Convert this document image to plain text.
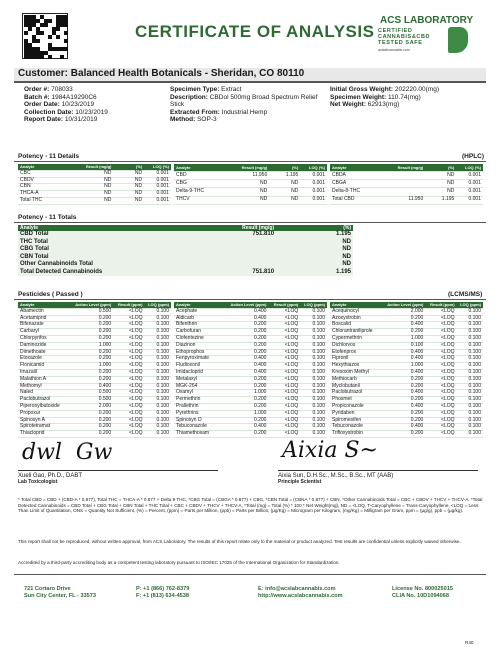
CERTIFICATE OF ANALYSIS
ACS LABORATORY
CERTIFIED
CANNABIS&CBD
TESTED SAFE
acslabcannabis.com
Customer: Balanced Health Botanicals - Sheridan, CO 80110
Order #: 708033
Batch #: 1984A19290C6
Order Date: 10/23/2019
Collection Date: 10/23/2019
Report Date: 10/31/2019
Specimen Type: Extract
Description: CBDol 500mg Broad Spectrum Relief Stick
Extracted From: Industrial Hemp
Method: SOP-3
Initial Gross Weight: 202220.00(mg)
Specimen Weight: 110.74(mg)
Net Weight: 62913(mg)
Potency - 11 Details	(HPLC)
Analyte	Result (mg/g)	(%)	LOQ (%)
CBC	ND	ND	0.001
CBDV	ND	ND	0.001
CBN	ND	ND	0.001
THCA-A	ND	ND	0.001
Total THC	ND	ND	0.001
Analyte	Result (mg/g)	(%)	LOQ (%)
CBD	11.950	1.195	0.001
CBG	ND	ND	0.001
Delta-9-THC	ND	ND	0.001
THCV	ND	ND	0.001
Analyte	Result (mg/g)	(%)	LOQ (%)
CBDA		ND	0.001
CBGA		ND	0.001
Delta-8-THC		ND	0.001
Total CBD	11.950	1.195	0.001
Potency - 11 Totals
Analyte	Result (mg/g)	(%)
CBD Total	751.810	1.195
THC Total		ND
CBG Total		ND
CBN Total		ND
Other Cannabinoids Total		ND
Total Detected Cannabinoids	751.810	1.195
Pesticides ( Passed )	(LCMS/MS)
Analyte	Action Level (ppm)	Result (ppm)	LOQ (ppm)
Abamectin	0.500	<LOQ	0.100
Acetamiprid	0.200	<LOQ	0.100
Bifenazate	0.200	<LOQ	0.100
Carbaryl	0.200	<LOQ	0.100
Chlorpyrifos	0.200	<LOQ	0.100
Daminozide	1.000	<LOQ	0.100
Dimethoate	0.200	<LOQ	0.100
Etoxazole	0.200	<LOQ	0.100
Flonicamid	1.000	<LOQ	0.100
Imazalil	0.200	<LOQ	0.100
Malathion A	0.200	<LOQ	0.100
Methomyl	0.400	<LOQ	0.100
Naled	0.500	<LOQ	0.100
Paclobutrazol	0.500	<LOQ	0.100
Piperonylbutoxide	2.000	<LOQ	0.100
Propoxur	0.200	<LOQ	0.100
Spinosyn A	0.200	<LOQ	0.100
Spirotetramat	0.200	<LOQ	0.100
Thiacloprid	0.200	<LOQ	0.100
Analyte	Action Level (ppm)	Result (ppm)	LOQ (ppm)
Acephate	0.400	<LOQ	0.100
Aldicarb	0.400	<LOQ	0.100
Bifenthrin	0.200	<LOQ	0.100
Carbofuran	0.200	<LOQ	0.100
Clofentezine	0.200	<LOQ	0.100
Diazinon	0.200	<LOQ	0.100
Ethoprophos	0.200	<LOQ	0.100
Fenpyroximate	0.400	<LOQ	0.100
Fludioxonil	0.400	<LOQ	0.100
Imidacloprid	0.400	<LOQ	0.100
Metalaxyl	0.200	<LOQ	0.100
MGK-264	0.200	<LOQ	0.100
Oxamyl	1.000	<LOQ	0.100
Permethrin	0.200	<LOQ	0.100
Prallethrin	0.200	<LOQ	0.100
Pyrethrins	1.000	<LOQ	0.100
Spinosyn D	0.200	<LOQ	0.100
Tebuconazole	0.400	<LOQ	0.100
Thiamethoxam	0.200	<LOQ	0.100
Analyte	Action Level (ppm)	Result (ppm)	LOQ (ppm)
Acequinocyl	2.000	<LOQ	0.100
Azoxystrobin	0.200	<LOQ	0.100
Boscalid	0.400	<LOQ	0.100
Chlorantraniliprole	0.200	<LOQ	0.100
Cypermethrin	1.000	<LOQ	0.100
Dichlorvos	0.100	<LOQ	0.100
Etofenprox	0.400	<LOQ	0.100
Fipronil	0.400	<LOQ	0.100
Hexythiazox	1.000	<LOQ	0.100
Kresoxim Methyl	0.400	<LOQ	0.100
Methiocarb	0.200	<LOQ	0.100
Myclobutanil	0.200	<LOQ	0.100
Paclobutrazol	0.400	<LOQ	0.100
Phosmet	0.200	<LOQ	0.100
Propiconazole	0.400	<LOQ	0.100
Pyridaben	0.200	<LOQ	0.100
Spiromesifen	0.200	<LOQ	0.100
Tebuconazole	0.400	<LOQ	0.100
Trifloxystrobin	0.200	<LOQ	0.100
dwl  Gw	Aixia S~
Xueli Gao, Ph.D., DABT
Lab Toxicologist
Aixia Sun, D.H.Sc., M.Sc., B.Sc., MT (AAB)
Principle Scientist
* Total CBD = CBD + (CBD-A * 0.877), Total THC = THCA-A * 0.877 + Delta 9 THC, *CBG Total = (CBGA * 0.877) + CBG, *CBN Total = (CBNA * 0.877) + CBN, *Other Cannabinoids Total = CBC + CBDV + THCV + THCV-A, *Total Detected Cannabinoids = CBD Total + CBG Total + CBN Total + THC Total + CBC + CBDV + THCV + THCV-A, *Total (mg) = Total (%) * 100 * Net Weight(mg), ND = <LOQ, T-Caryophyllene = Trans-Caryophyllene, <LOQ = Less Than Limit of Quantitation, ONS = Quantity Not Sufficient, (%) = Percent, (ppm) = Parts per Million, (ppb) = Parts per Billion, (µg/Kg) = Microgram per Kilogram, (mg/Kg) = Milligram per Gram, ppm = (µg/g), ppb = (µg/kg).
This report shall not be reproduced, without written approval, from ACS Laboratory. The results of this report relate only to the material or product analyzed. Test results are confidential unless explicitly waived otherwise.
Accredited by a third-party accrediting body as a competent testing laboratory pursuant to ISO/IEC 17025 of the International Organization for Standardization.
721 Cortaro Drive
Sun City Center, FL - 33573
P: +1 (866) 762-8379
F: +1 (813) 634-4538
E: info@acslabcannabis.com
http://www.acslabcannabis.com
License No. 800025015
CLIA No. 10D1094068
R40
